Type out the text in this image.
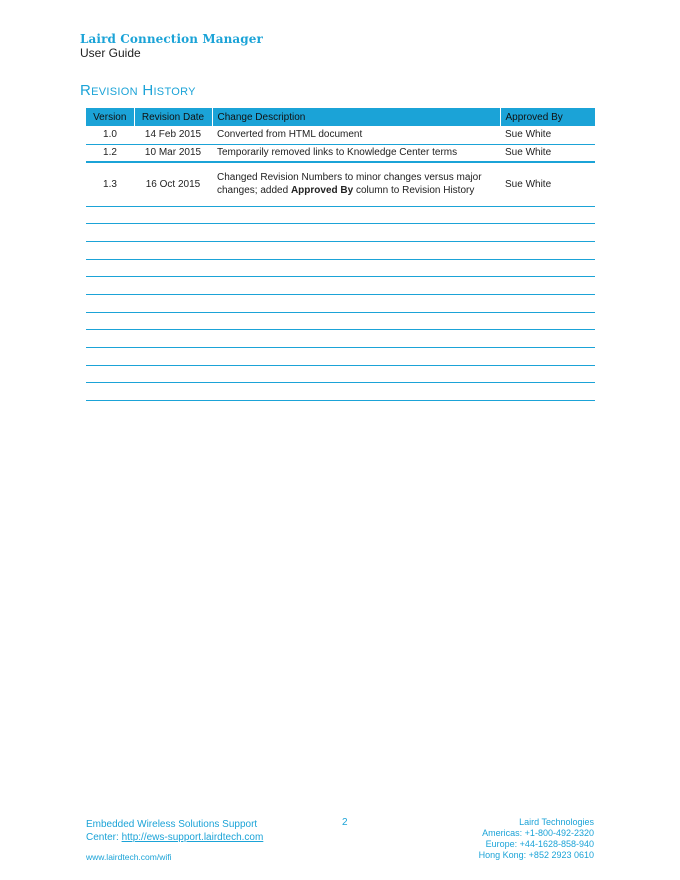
Laird Connection Manager
User Guide
Revision History
Version	Revision Date	Change Description	Approved By
1.0	14 Feb 2015	Converted from HTML document	Sue White
1.2	10 Mar 2015	Temporarily removed links to Knowledge Center terms	Sue White
1.3	16 Oct 2015	Changed Revision Numbers to minor changes versus major changes; added Approved By column to Revision History	Sue White

Embedded Wireless Solutions Support
Center: http://ews-support.lairdtech.com
www.lairdtech.com/wifi
2	Laird Technologies
Americas: +1-800-492-2320
Europe: +44-1628-858-940
Hong Kong: +852 2923 0610
